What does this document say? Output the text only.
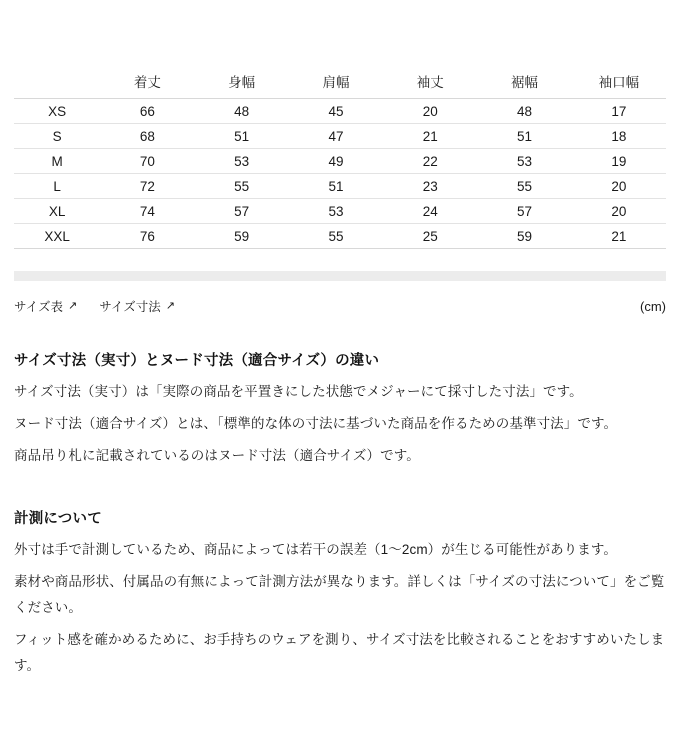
	着丈	身幅	肩幅	袖丈	裾幅	袖口幅
XS	66	48	45	20	48	17
S	68	51	47	21	51	18
M	70	53	49	22	53	19
L	72	55	51	23	55	20
XL	74	57	53	24	57	20
XXL	76	59	55	25	59	21
サイズ表 ↗ サイズ寸法 ↗	(cm)
サイズ寸法（実寸）とヌード寸法（適合サイズ）の違い
サイズ寸法（実寸）は「実際の商品を平置きにした状態でメジャーにて採寸した寸法」です。
ヌード寸法（適合サイズ）とは、「標準的な体の寸法に基づいた商品を作るための基準寸法」です。
商品吊り札に記載されているのはヌード寸法（適合サイズ）です。
計測について
外寸は手で計測しているため、商品によっては若干の誤差（1〜2cm）が生じる可能性があります。
素材や商品形状、付属品の有無によって計測方法が異なります。詳しくは「サイズの寸法について」をご覧ください。
フィット感を確かめるために、お手持ちのウェアを測り、サイズ寸法を比較されることをおすすめいたします。
